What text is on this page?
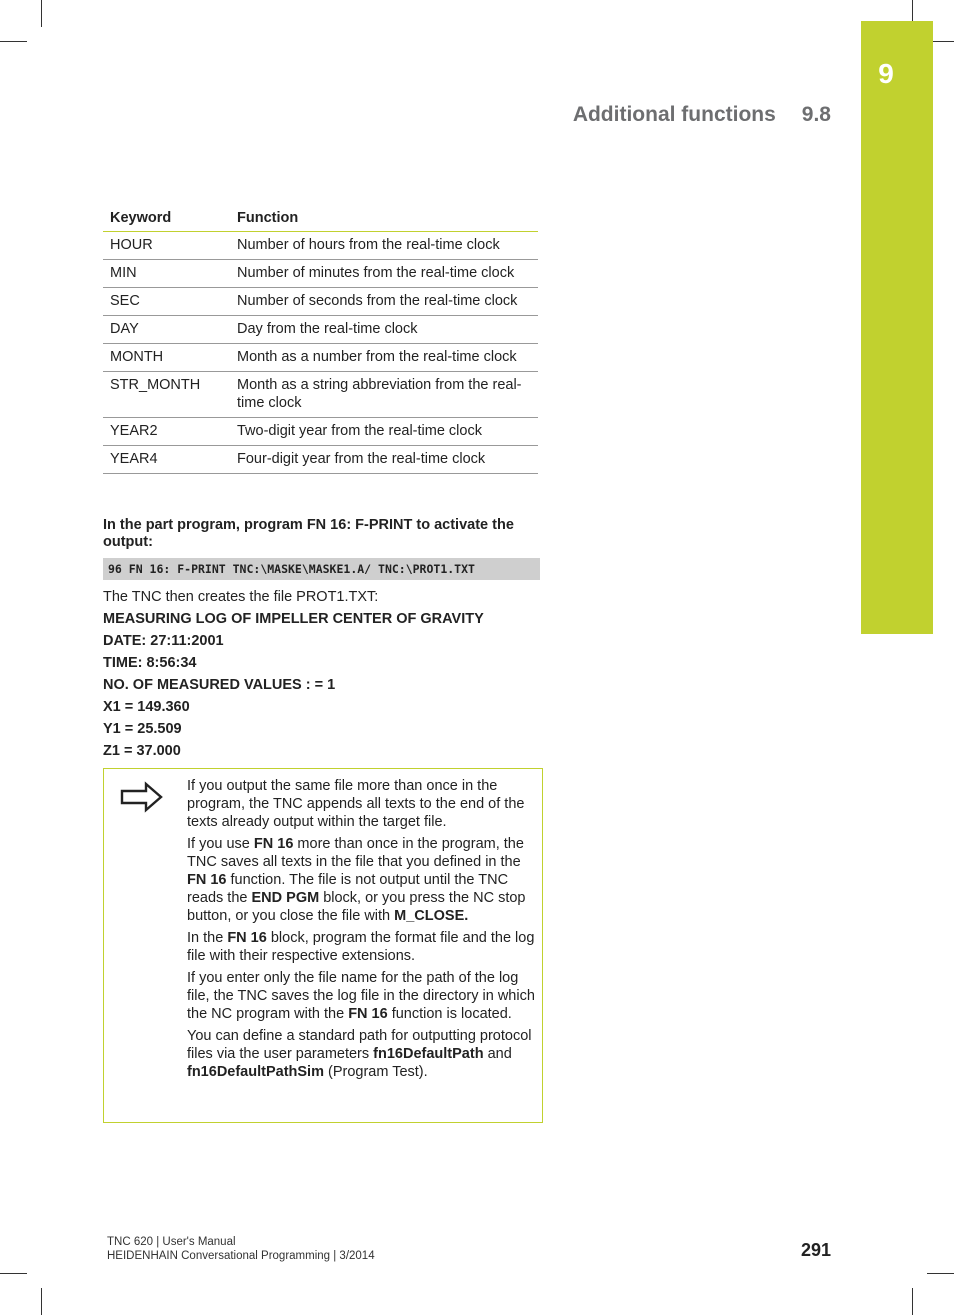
9
Additional functions 9.8
Keyword	Function
HOUR	Number of hours from the real-time clock
MIN	Number of minutes from the real-time clock
SEC	Number of seconds from the real-time clock
DAY	Day from the real-time clock
MONTH	Month as a number from the real-time clock
STR_MONTH	Month as a string abbreviation from the real-time clock
YEAR2	Two-digit year from the real-time clock
YEAR4	Four-digit year from the real-time clock
In the part program, program FN 16: F-PRINT to activate the output:
96 FN 16: F-PRINT TNC:\MASKE\MASKE1.A/ TNC:\PROT1.TXT
The TNC then creates the file PROT1.TXT:
MEASURING LOG OF IMPELLER CENTER OF GRAVITY
DATE: 27:11:2001
TIME: 8:56:34
NO. OF MEASURED VALUES : = 1
X1 = 149.360
Y1 = 25.509
Z1 = 37.000

If you output the same file more than once in the program, the TNC appends all texts to the end of the texts already output within the target file.

If you use FN 16 more than once in the program, the TNC saves all texts in the file that you defined in the FN 16 function. The file is not output until the TNC reads the END PGM block, or you press the NC stop button, or you close the file with M_CLOSE.

In the FN 16 block, program the format file and the log file with their respective extensions.

If you enter only the file name for the path of the log file, the TNC saves the log file in the directory in which the NC program with the FN 16 function is located.

You can define a standard path for outputting protocol files via the user parameters fn16DefaultPath and fn16DefaultPathSim (Program Test).

TNC 620 | User's Manual
HEIDENHAIN Conversational Programming | 3/2014	291
